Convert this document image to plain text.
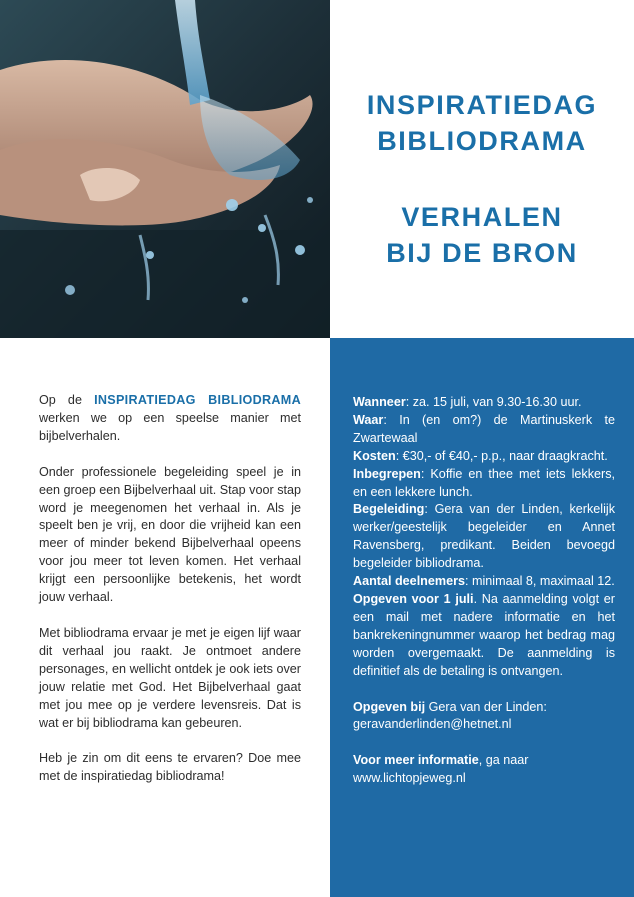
INSPIRATIEDAG
BIBLIODRAMA
VERHALEN
BIJ DE BRON

Op de INSPIRATIEDAG BIBLIODRAMA werken we op een speelse manier met bijbelverhalen.

Onder professionele begeleiding speel je in een groep een Bijbelverhaal uit. Stap voor stap word je meegenomen het verhaal in. Als je speelt ben je vrij, en door die vrijheid kan een meer of minder bekend Bijbelverhaal opeens voor jou meer tot leven komen. Het verhaal krijgt een persoonlijke betekenis, het wordt jouw verhaal.

Met bibliodrama ervaar je met je eigen lijf waar dit verhaal jou raakt. Je ontmoet andere personages, en wellicht ontdek je ook iets over jouw relatie met God. Het Bijbelverhaal gaat met jou mee op je verdere levensreis. Dat is wat er bij bibliodrama kan gebeuren.

Heb je zin om dit eens te ervaren? Doe mee met de inspiratiedag bibliodrama!

Wanneer: za. 15 juli, van 9.30-16.30 uur.

Waar: In (en om?) de Martinuskerk te Zwartewaal

Kosten: €30,- of €40,- p.p., naar draagkracht.

Inbegrepen: Koffie en thee met iets lekkers, en een lekkere lunch.

Begeleiding: Gera van der Linden, kerkelijk werker/geestelijk begeleider en Annet Ravensberg, predikant. Beiden bevoegd begeleider bibliodrama.

Aantal deelnemers: minimaal 8, maximaal 12.

Opgeven voor 1 juli. Na aanmelding volgt er een mail met nadere informatie en het bankrekeningnummer waarop het bedrag mag worden overgemaakt. De aanmelding is definitief als de betaling is ontvangen.

Opgeven bij Gera van der Linden:

geravanderlinden@hetnet.nl

Voor meer informatie, ga naar

www.lichtopjeweg.nl
